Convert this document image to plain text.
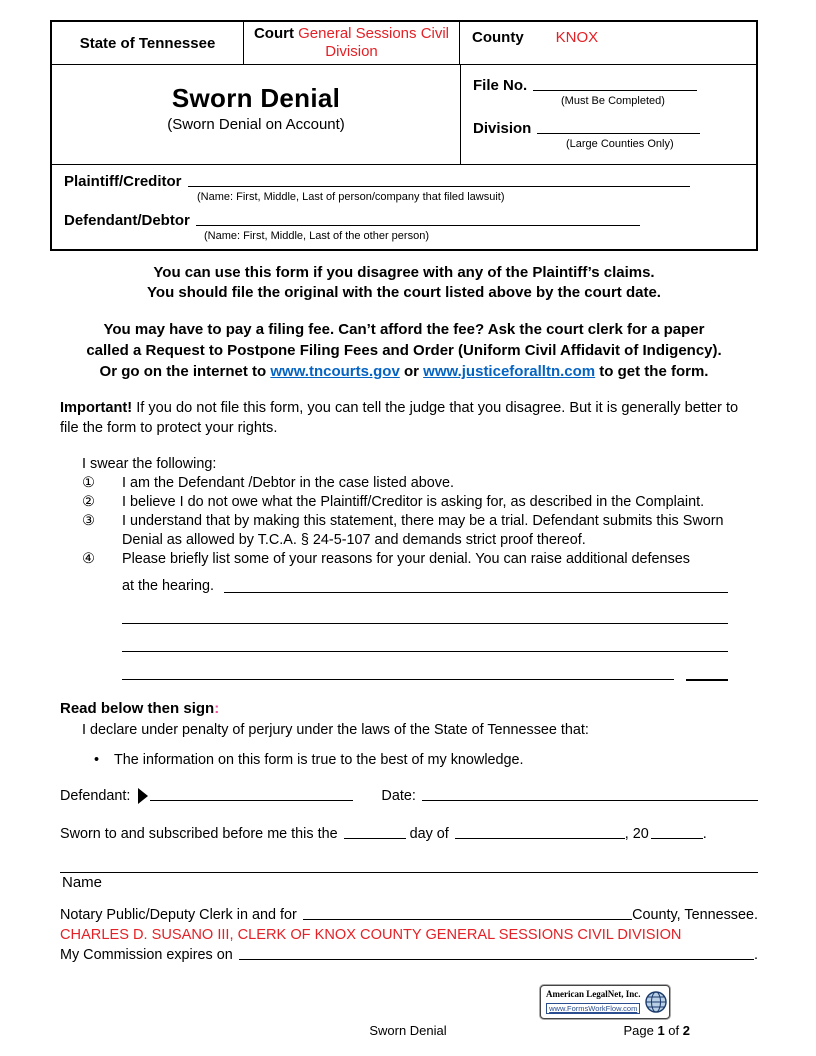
State of Tennessee
Court General Sessions Civil Division
County KNOX
Sworn Denial
(Sworn Denial on Account)
File No.
(Must Be Completed)
Division
(Large Counties Only)
Plaintiff/Creditor
(Name: First, Middle, Last of person/company that filed lawsuit)
Defendant/Debtor
(Name: First, Middle, Last of the other person)

You can use this form if you disagree with any of the Plaintiff’s claims.
You should file the original with the court listed above by the court date.

You may have to pay a filing fee. Can’t afford the fee? Ask the court clerk for a paper
called a Request to Postpone Filing Fees and Order (Uniform Civil Affidavit of Indigency).
Or go on the internet to www.tncourts.gov or www.justiceforalltn.com to get the form.

Important! If you do not file this form, you can tell the judge that you disagree. But it is generally better to file the form to protect your rights.

I swear the following:
①	I am the Defendant /Debtor in the case listed above.
②	I believe I do not owe what the Plaintiff/Creditor is asking for, as described in the Complaint.
③	I understand that by making this statement, there may be a trial. Defendant submits this Sworn Denial as allowed by T.C.A. § 24-5-107 and demands strict proof thereof.
④	Please briefly list some of your reasons for your denial. You can raise additional defenses
at the hearing.
Read below then sign:
I declare under penalty of perjury under the laws of the State of Tennessee that:
• The information on this form is true to the best of my knowledge.
Defendant:	Date:
Sworn to and subscribed before me this the	day of	, 20	.
Name
Notary Public/Deputy Clerk in and for	County, Tennessee.
CHARLES D. SUSANO III, CLERK OF KNOX COUNTY GENERAL SESSIONS CIVIL DIVISION
My Commission expires on	.
American LegalNet, Inc.
www.FormsWorkFlow.com
Sworn Denial	Page 1 of 2
